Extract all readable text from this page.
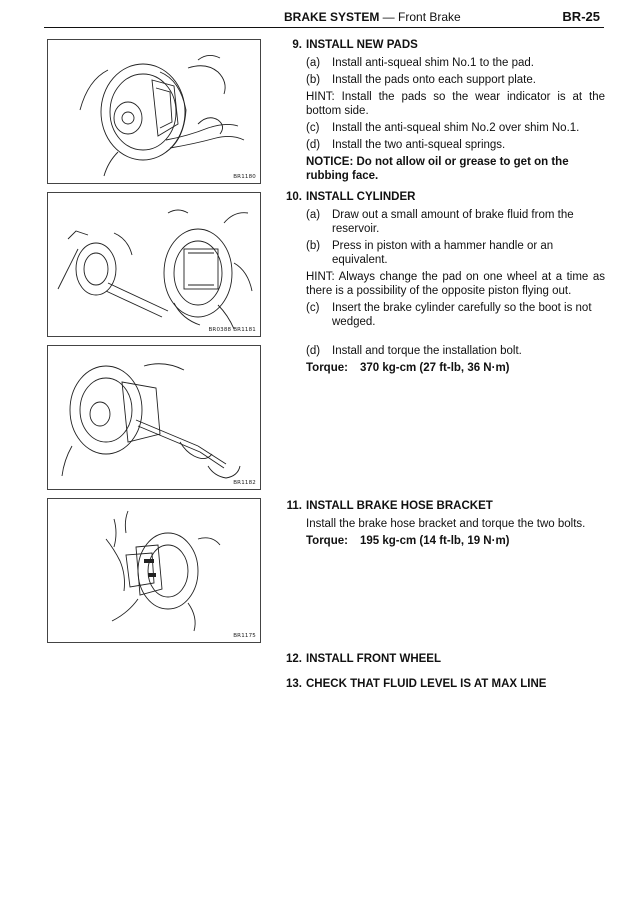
BRAKE SYSTEM — Front Brake	BR-25
BR1180
BR0388 BR1181
BR1182
BR1175
9. INSTALL NEW PADS
(a) Install anti-squeal shim No.1 to the pad.
(b) Install the pads onto each support plate.
HINT: Install the pads so the wear indicator is at the bottom side.
(c) Install the anti-squeal shim No.2 over shim No.1.
(d) Install the two anti-squeal springs.
NOTICE: Do not allow oil or grease to get on the rubbing face.
10. INSTALL CYLINDER
(a) Draw out a small amount of brake fluid from the reservoir.
(b) Press in piston with a hammer handle or an equivalent.
HINT: Always change the pad on one wheel at a time as there is a possibility of the opposite piston flying out.
(c) Insert the brake cylinder carefully so the boot is not wedged.
(d) Install and torque the installation bolt.
Torque: 370 kg-cm (27 ft-lb, 36 N·m)
11. INSTALL BRAKE HOSE BRACKET
Install the brake hose bracket and torque the two bolts.
Torque: 195 kg-cm (14 ft-lb, 19 N·m)
12. INSTALL FRONT WHEEL
13. CHECK THAT FLUID LEVEL IS AT MAX LINE
